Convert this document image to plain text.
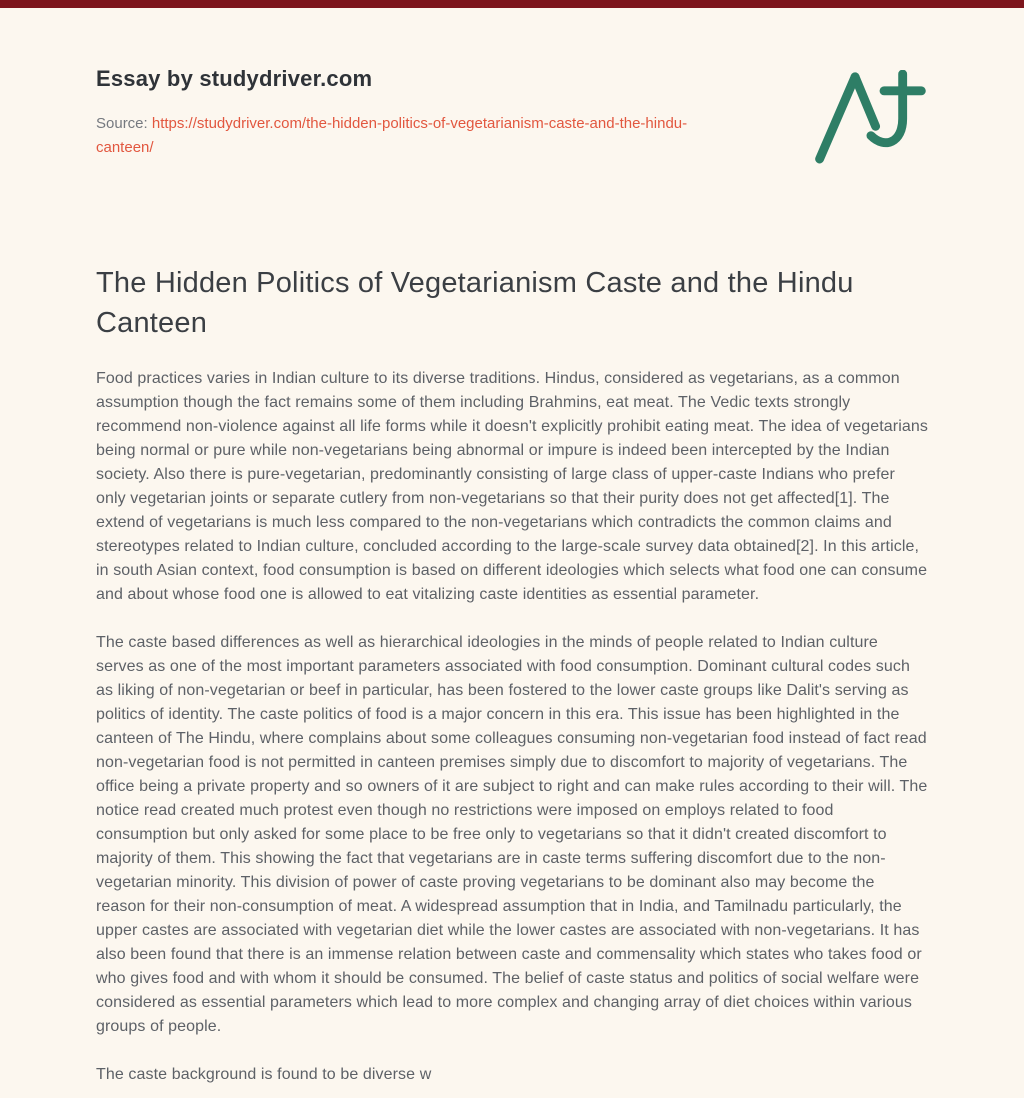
Essay by studydriver.com

Source: https://studydriver.com/the-hidden-politics-of-vegetarianism-caste-and-the-hindu-canteen/

The Hidden Politics of Vegetarianism Caste and the Hindu Canteen

Food practices varies in Indian culture to its diverse traditions. Hindus, considered as vegetarians, as a common assumption though the fact remains some of them including Brahmins, eat meat. The Vedic texts strongly recommend non-violence against all life forms while it doesn't explicitly prohibit eating meat. The idea of vegetarians being normal or pure while non-vegetarians being abnormal or impure is indeed been intercepted by the Indian society. Also there is pure-vegetarian, predominantly consisting of large class of upper-caste Indians who prefer only vegetarian joints or separate cutlery from non-vegetarians so that their purity does not get affected[1]. The extend of vegetarians is much less compared to the non-vegetarians which contradicts the common claims and stereotypes related to Indian culture, concluded according to the large-scale survey data obtained[2]. In this article, in south Asian context, food consumption is based on different ideologies which selects what food one can consume and about whose food one is allowed to eat vitalizing caste identities as essential parameter.

The caste based differences as well as hierarchical ideologies in the minds of people related to Indian culture serves as one of the most important parameters associated with food consumption. Dominant cultural codes such as liking of non-vegetarian or beef in particular, has been fostered to the lower caste groups like Dalit's serving as politics of identity. The caste politics of food is a major concern in this era. This issue has been highlighted in the canteen of The Hindu, where complains about some colleagues consuming non-vegetarian food instead of fact read non-vegetarian food is not permitted in canteen premises simply due to discomfort to majority of vegetarians. The office being a private property and so owners of it are subject to right and can make rules according to their will. The notice read created much protest even though no restrictions were imposed on employs related to food consumption but only asked for some place to be free only to vegetarians so that it didn't created discomfort to majority of them. This showing the fact that vegetarians are in caste terms suffering discomfort due to the non-vegetarian minority. This division of power of caste proving vegetarians to be dominant also may become the reason for their non-consumption of meat. A widespread assumption that in India, and Tamilnadu particularly, the upper castes are associated with vegetarian diet while the lower castes are associated with non-vegetarians. It has also been found that there is an immense relation between caste and commensality which states who takes food or who gives food and with whom it should be consumed. The belief of caste status and politics of social welfare were considered as essential parameters which lead to more complex and changing array of diet choices within various groups of people.

The caste background is found to be diverse w
